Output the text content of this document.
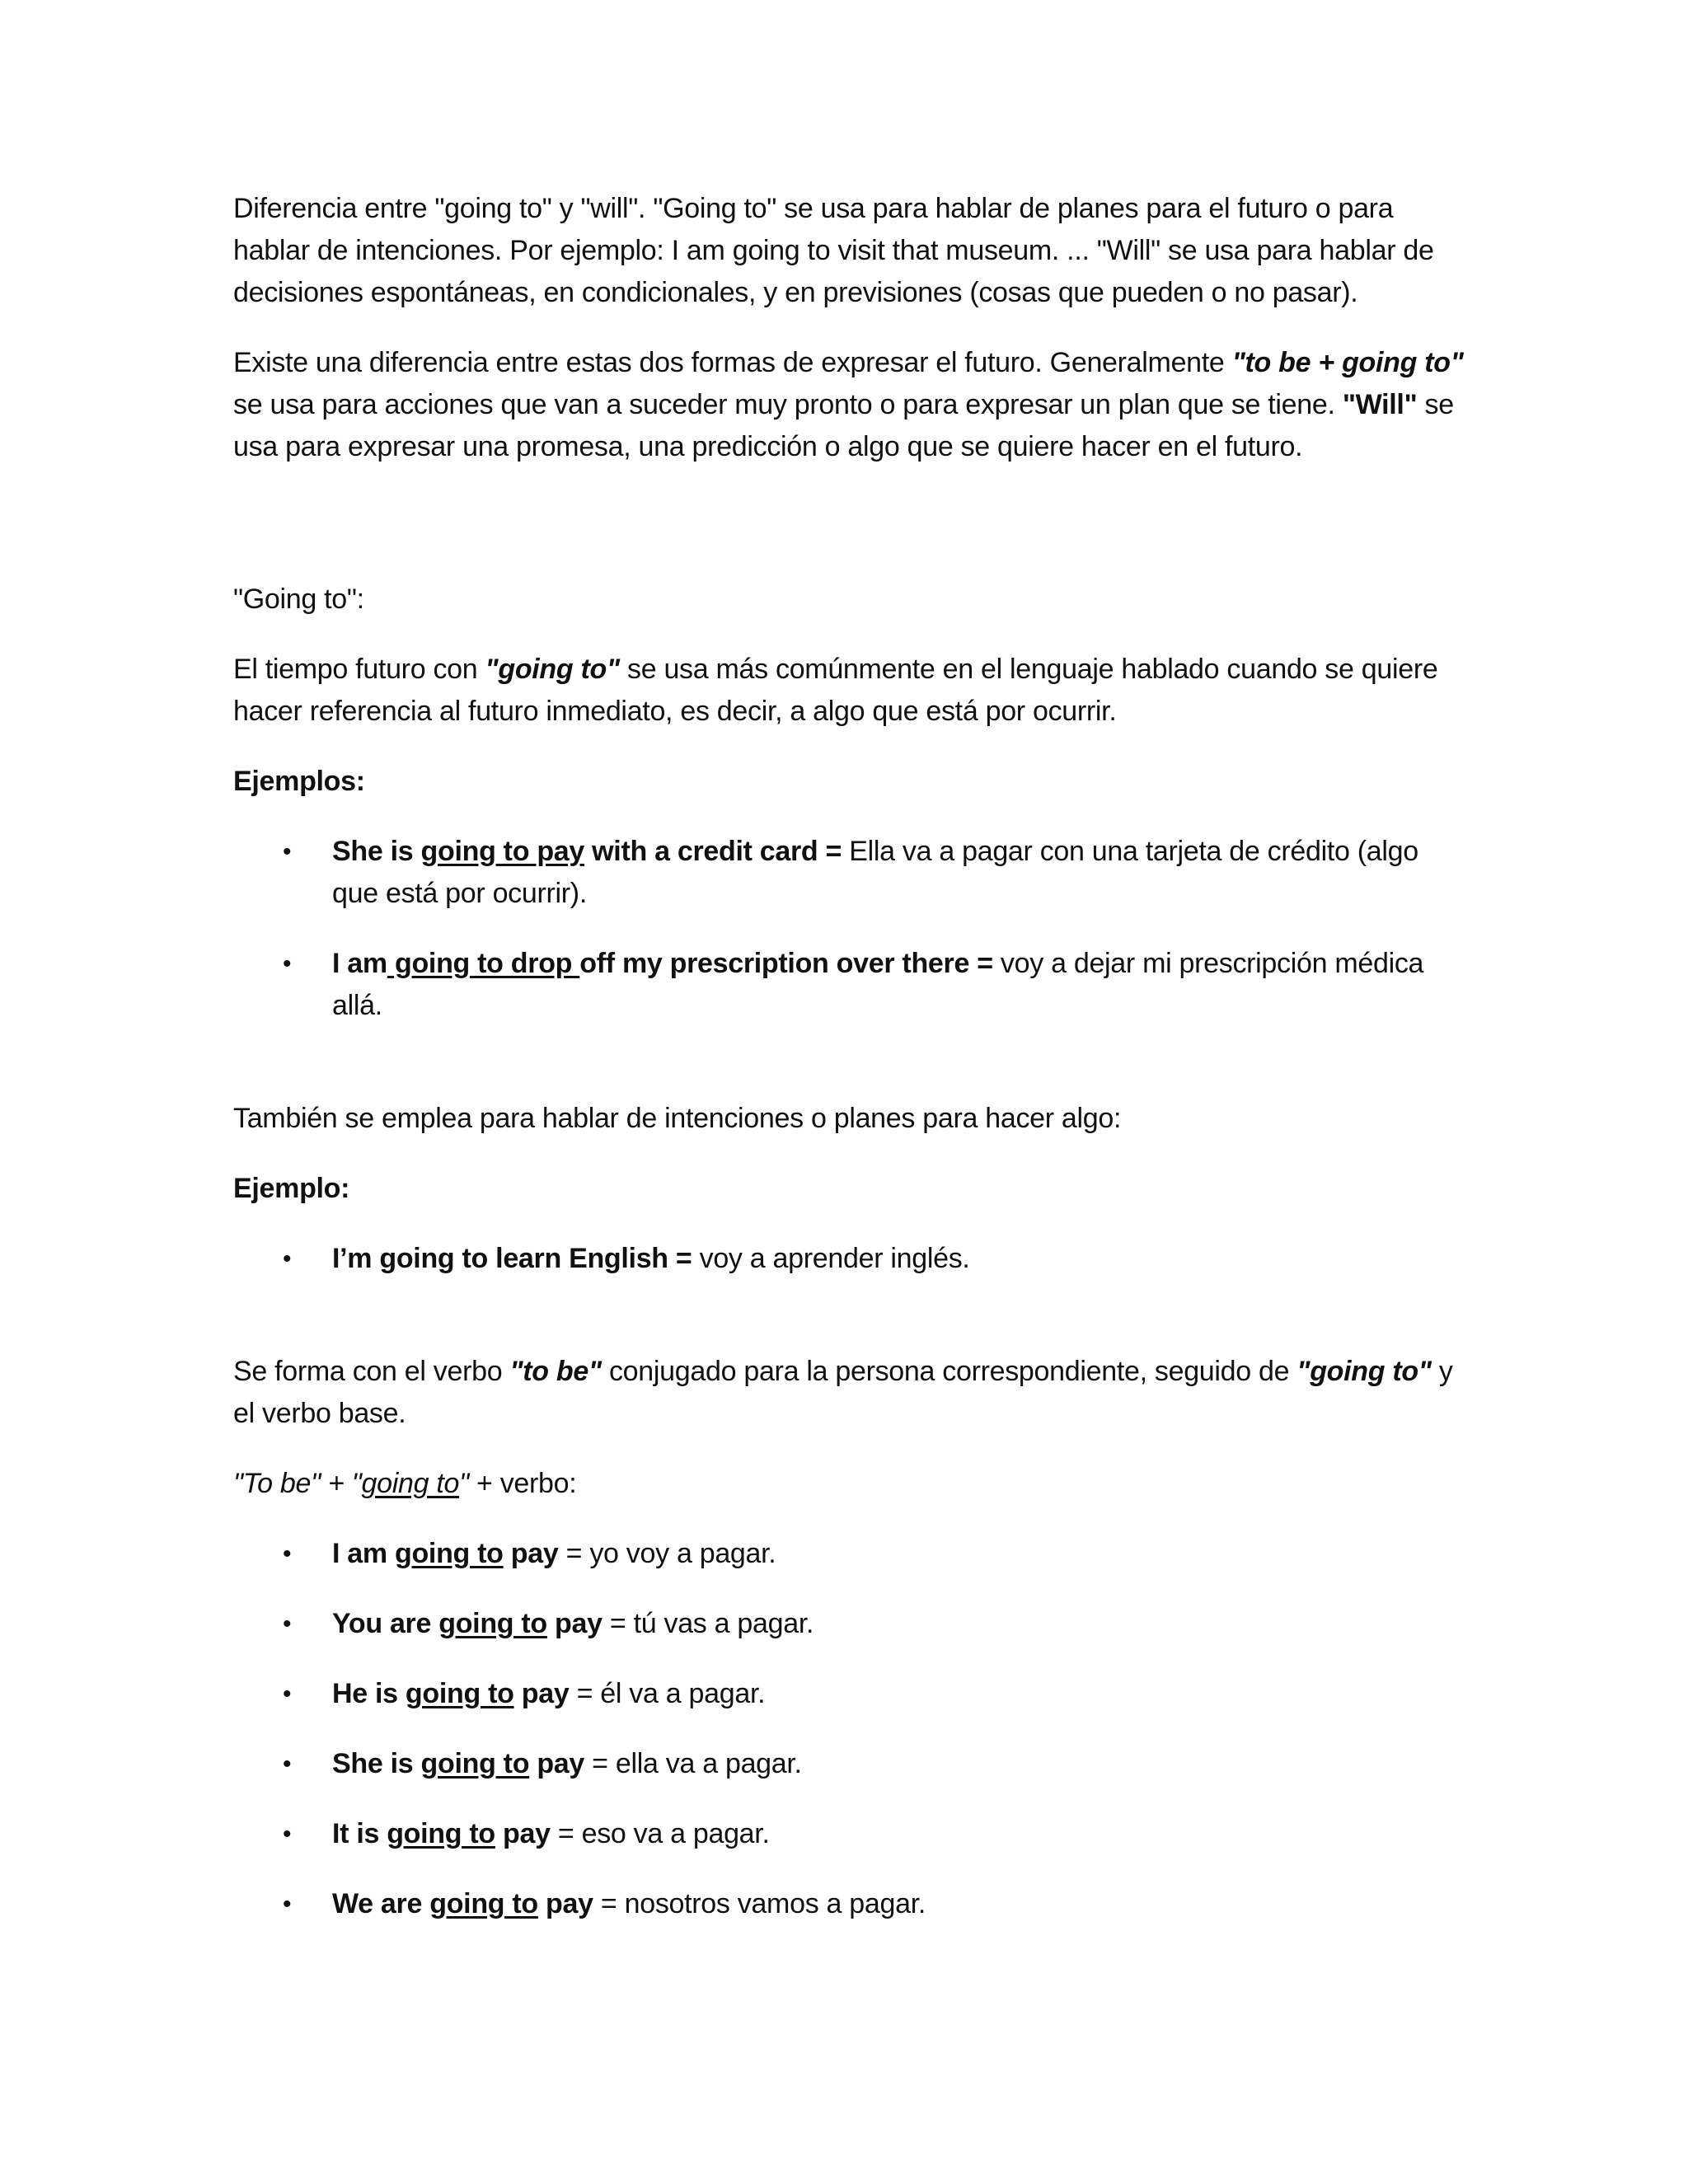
Diferencia entre "going to" y "will". "Going to" se usa para hablar de planes para el futuro o para hablar de intenciones. Por ejemplo: I am going to visit that museum. ... "Will" se usa para hablar de decisiones espontáneas, en condicionales, y en previsiones (cosas que pueden o no pasar).

Existe una diferencia entre estas dos formas de expresar el futuro. Generalmente "to be + going to" se usa para acciones que van a suceder muy pronto o para expresar un plan que se tiene. "Will" se usa para expresar una promesa, una predicción o algo que se quiere hacer en el futuro.

"Going to":

El tiempo futuro con "going to" se usa más comúnmente en el lenguaje hablado cuando se quiere hacer referencia al futuro inmediato, es decir, a algo que está por ocurrir.

Ejemplos:

• She is going to pay with a credit card = Ella va a pagar con una tarjeta de crédito (algo que está por ocurrir).
• I am going to drop off my prescription over there = voy a dejar mi prescripción médica allá.

También se emplea para hablar de intenciones o planes para hacer algo:

Ejemplo:

• I’m going to learn English = voy a aprender inglés.

Se forma con el verbo "to be" conjugado para la persona correspondiente, seguido de "going to" y el verbo base.

"To be" + "going to" + verbo:

• I am going to pay = yo voy a pagar.
• You are going to pay = tú vas a pagar.
• He is going to pay = él va a pagar.
• She is going to pay = ella va a pagar.
• It is going to pay = eso va a pagar.
• We are going to pay = nosotros vamos a pagar.
